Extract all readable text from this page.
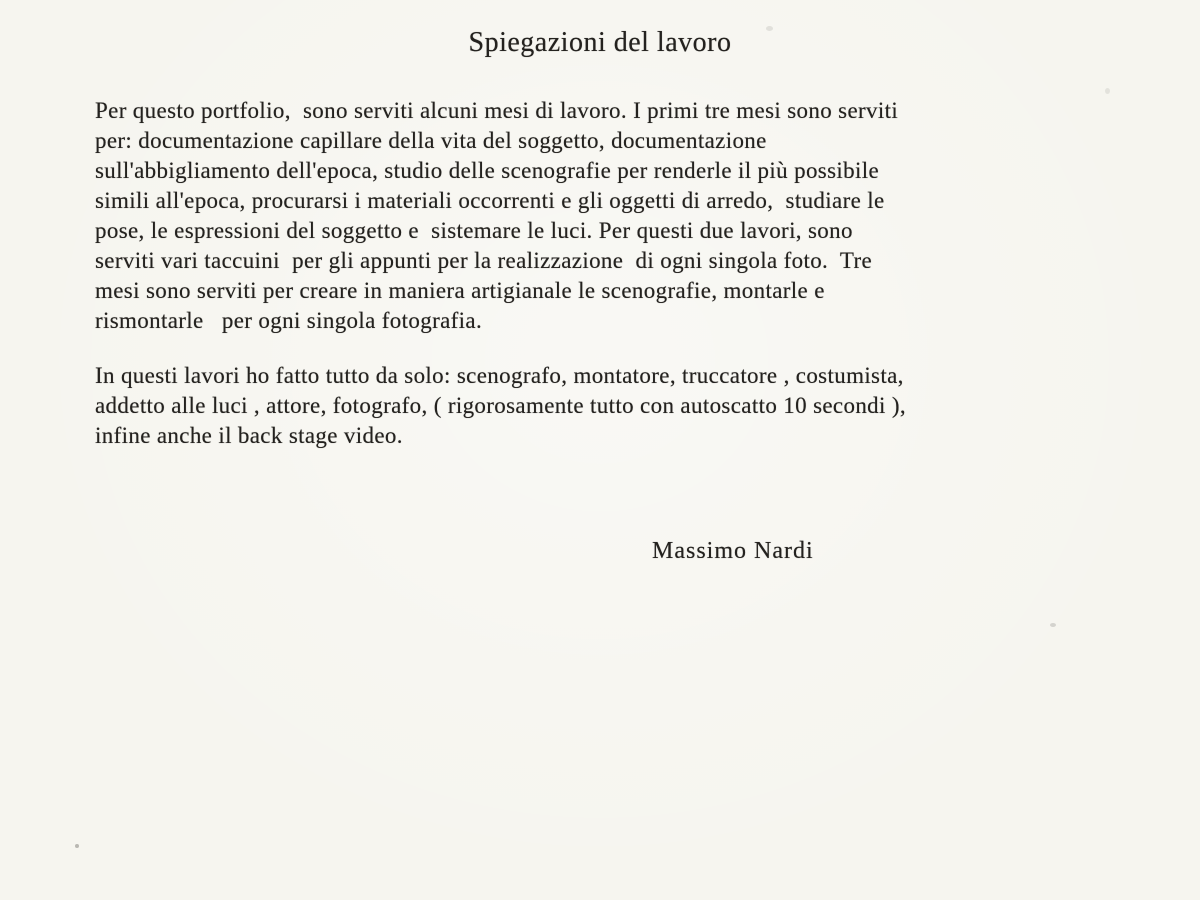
Spiegazioni del lavoro
Per questo portfolio,  sono serviti alcuni mesi di lavoro. I primi tre mesi sono serviti
per: documentazione capillare della vita del soggetto, documentazione
sull'abbigliamento dell'epoca, studio delle scenografie per renderle il più possibile
simili all'epoca, procurarsi i materiali occorrenti e gli oggetti di arredo,  studiare le
pose, le espressioni del soggetto e  sistemare le luci. Per questi due lavori, sono
serviti vari taccuini  per gli appunti per la realizzazione  di ogni singola foto.  Tre
mesi sono serviti per creare in maniera artigianale le scenografie, montarle e
rismontarle   per ogni singola fotografia.
In questi lavori ho fatto tutto da solo: scenografo, montatore, truccatore , costumista,
addetto alle luci , attore, fotografo, ( rigorosamente tutto con autoscatto 10 secondi ),
infine anche il back stage video.
Massimo Nardi
